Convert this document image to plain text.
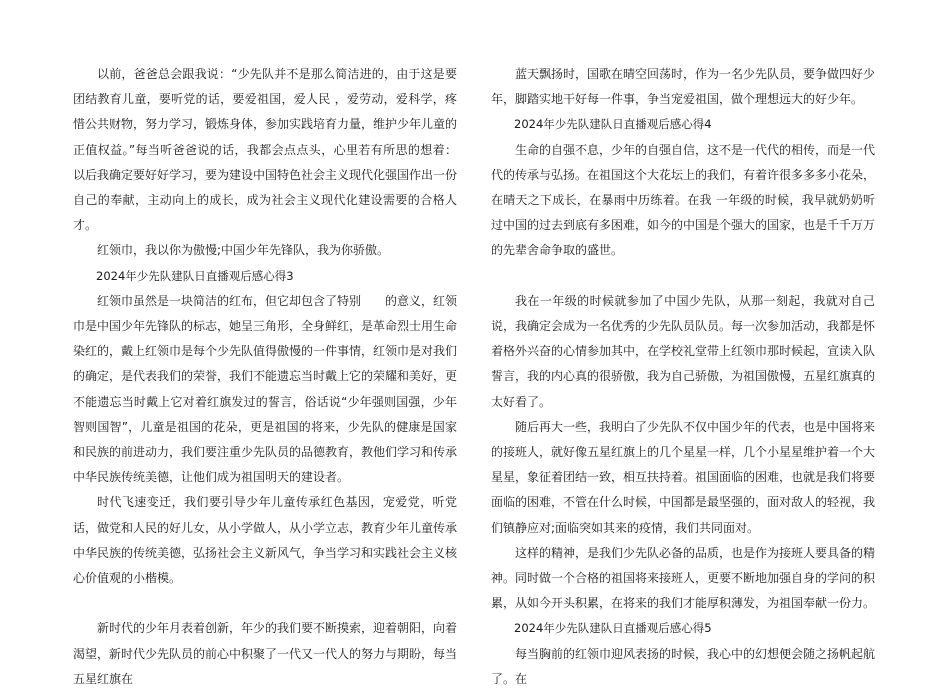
以前，爸爸总会跟我说：“少先队并不是那么简洁进的，由于这是要团结教育儿童，要听党的话，要爱祖国，爱人民 ，爱劳动，爱科学，疼惜公共财物，努力学习，锻炼身体，参加实践培育力量，维护少年儿童的正值权益。”每当听爸爸说的话，我都会点点头，心里若有所思的想着：以后我确定要好好学习，要为建设中国特色社会主义现代化强国作出一份自己的奉献，主动向上的成长，成为社会主义现代化建设需要的合格人才。

红领巾，我以你为傲慢;中国少年先锋队，我为你骄傲。

2024年少先队建队日直播观后感心得3

红领巾虽然是一块简洁的红布，但它却包含了特别　　的意义，红领巾是中国少年先锋队的标志，她呈三角形，全身鲜红，是革命烈士用生命染红的，戴上红领巾是每个少先队值得傲慢的一件事情，红领巾是对我们的确定，是代表我们的荣誉，我们不能遗忘当时戴上它的荣耀和美好，更不能遗忘当时戴上它对着红旗发过的誓言，俗话说“少年强则国强，少年智则国智”，儿童是祖国的花朵，更是祖国的将来，少先队的健康是国家和民族的前进动力，我们要注重少先队员的品德教育，教他们学习和传承中华民族传统美德，让他们成为祖国明天的建设者。

时代飞速变迁，我们要引导少年儿童传承红色基因，宠爱党，听党话，做党和人民的好儿女，从小学做人，从小学立志，教育少年儿童传承中华民族的传统美德，弘扬社会主义新风气，争当学习和实践社会主义核心价值观的小楷模。

新时代的少年月表着创新，年少的我们要不断摸索，迎着朝阳，向着渴望，新时代少先队员的前心中积聚了一代又一代人的努力与期盼，每当五星红旗在

蓝天飘扬时，国歌在晴空回荡时，作为一名少先队员，要争做四好少年，脚踏实地干好每一件事，争当宠爱祖国，做个理想远大的好少年。

2024年少先队建队日直播观后感心得4

生命的自强不息，少年的自强自信，这不是一代代的相传，而是一代代的传承与弘扬。在祖国这个大花坛上的我们，有着许很多多多小花朵，在晴天之下成长，在暴雨中历练着。在我 一年级的时候，我早就奶奶听过中国的过去到底有多困难，如今的中国是个强大的国家，也是千千万万的先辈舍命争取的盛世。

我在一年级的时候就参加了中国少先队，从那一刻起，我就对自己说，我确定会成为一名优秀的少先队员队员。每一次参加活动，我都是怀着格外兴奋的心情参加其中，在学校礼堂带上红领巾那时候起，宣读入队誓言，我的内心真的很骄傲，我为自己骄傲，为祖国傲慢，五星红旗真的太好看了。

随后再大一些，我明白了少先队不仅中国少年的代表，也是中国将来的接班人，就好像五星红旗上的几个星星一样，几个小星星维护着一个大星星，象征着团结一致，相互扶持着。祖国面临的困难，也就是我们将要面临的困难，不管在什么时候，中国都是最坚强的，面对敌人的轻视，我们镇静应对;面临突如其来的疫情，我们共同面对。

这样的精神，是我们少先队必备的品质，也是作为接班人要具备的精神。同时做一个合格的祖国将来接班人，更要不断地加强自身的学问的积累，从如今开头积累，在将来的我们才能厚积薄发，为祖国奉献一份力。

2024年少先队建队日直播观后感心得5

每当胸前的红领巾迎风表扬的时候，我心中的幻想便会随之扬帆起航了。在
